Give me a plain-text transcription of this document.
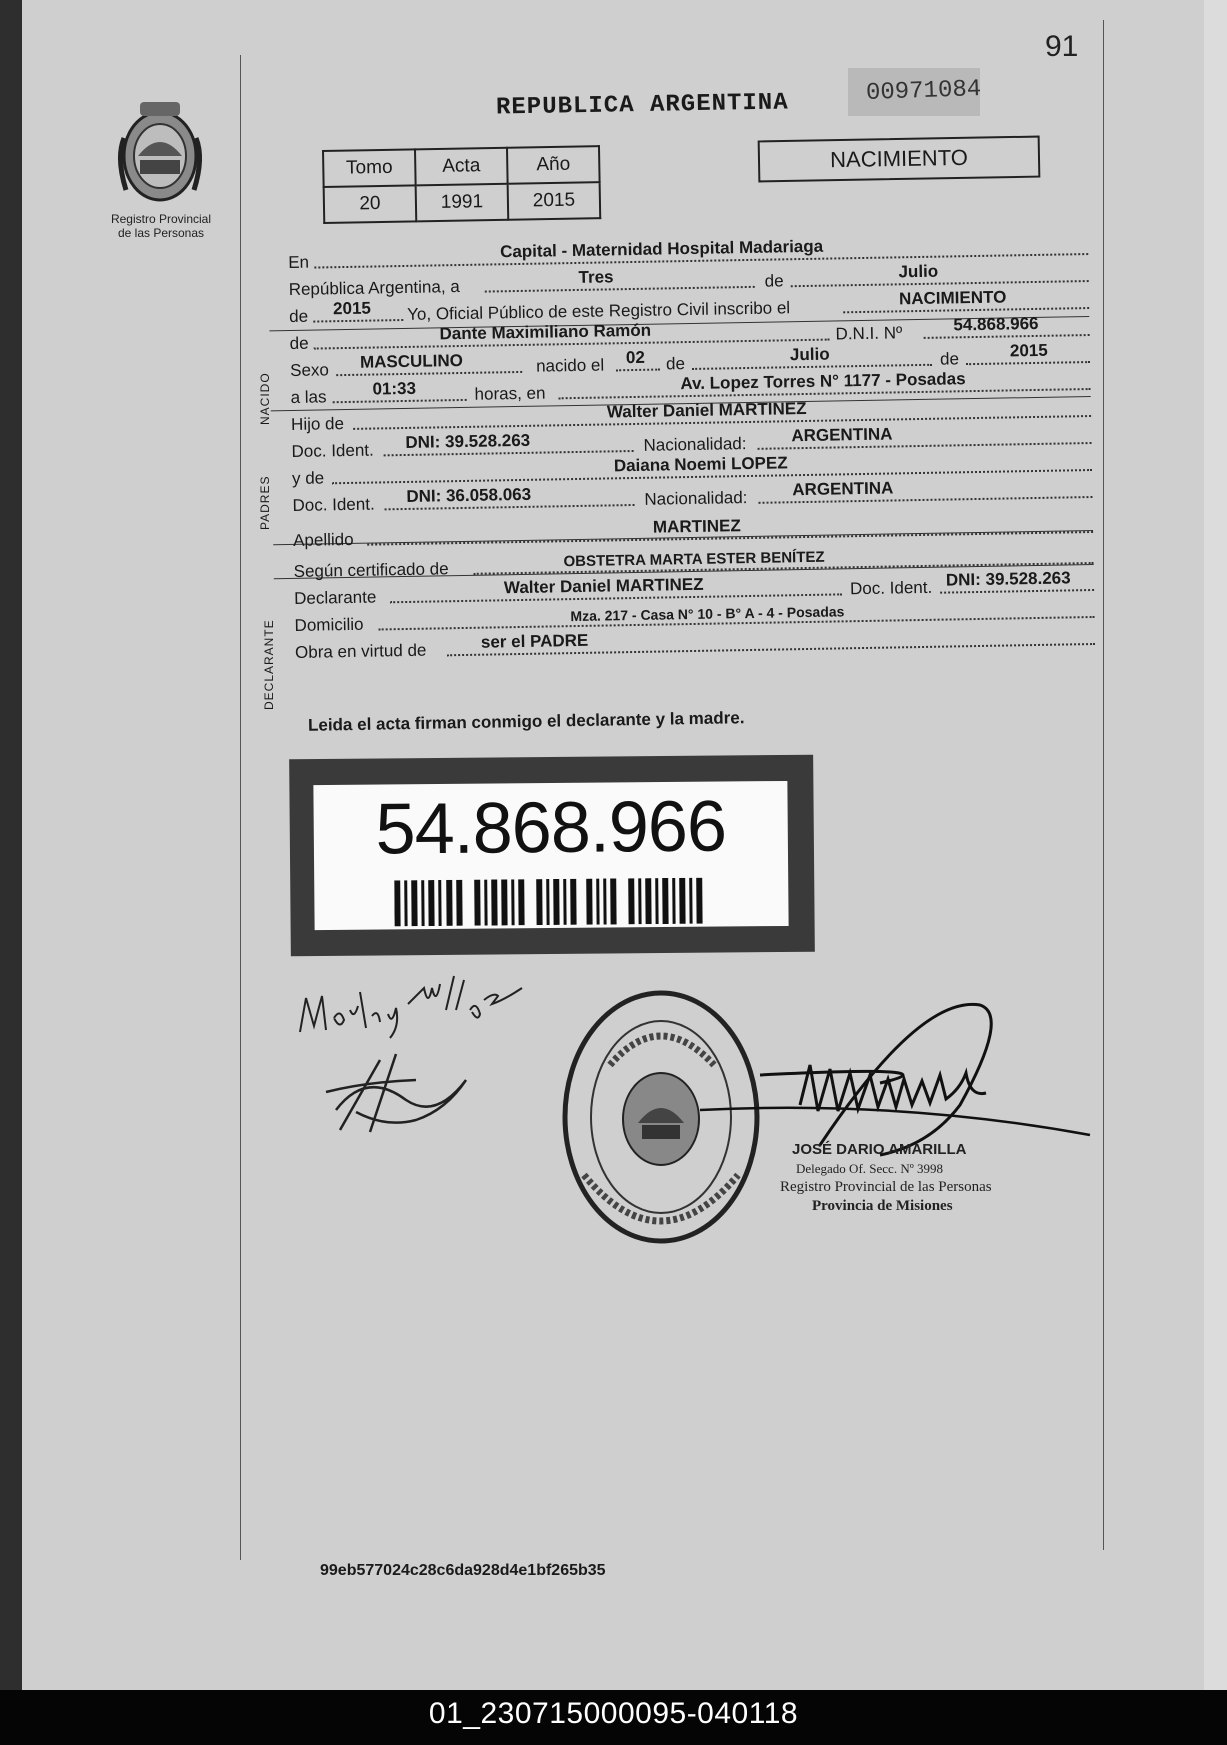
91
Registro Provincial
de las Personas
REPUBLICA ARGENTINA	00971084
Tomo	Acta	Año
20	1991	2015
NACIMIENTO
En
Capital - Maternidad Hospital Madariaga
República Argentina, a	Tres	de	Julio
de 2015 Yo, Oficial Público de este Registro Civil inscribo el
NACIMIENTO
de	Dante Maximiliano Ramón	D.N.I. Nº	54.868.966
Sexo MASCULINO	nacido el 02 de	Julio	de	2015
a las	01:33	horas, en
Av. Lopez Torres N° 1177 - Posadas
Hijo de
Walter Daniel MARTINEZ
Doc. Ident. DNI: 39.528.263	Nacionalidad:	ARGENTINA
y de
Daiana Noemi LOPEZ
Doc. Ident. DNI: 36.058.063	Nacionalidad:	ARGENTINA
Apellido
MARTINEZ
Según certificado de	OBSTETRA MARTA ESTER BENÍTEZ
Declarante
Walter Daniel MARTINEZ	Doc. Ident. DNI: 39.528.263
Domicilio
Mza. 217 - Casa N° 10 - B° A - 4 - Posadas
Obra en virtud de	ser el PADRE
NACIDO
PADRES
DECLARANTE
Leida el acta firman conmigo el declarante y la madre.
54.868.966
JOSÉ DARIO AMARILLA
Delegado Of. Secc. Nº 3998
Registro Provincial de las Personas
Provincia de Misiones
99eb577024c28c6da928d4e1bf265b35
01_230715000095-040118
